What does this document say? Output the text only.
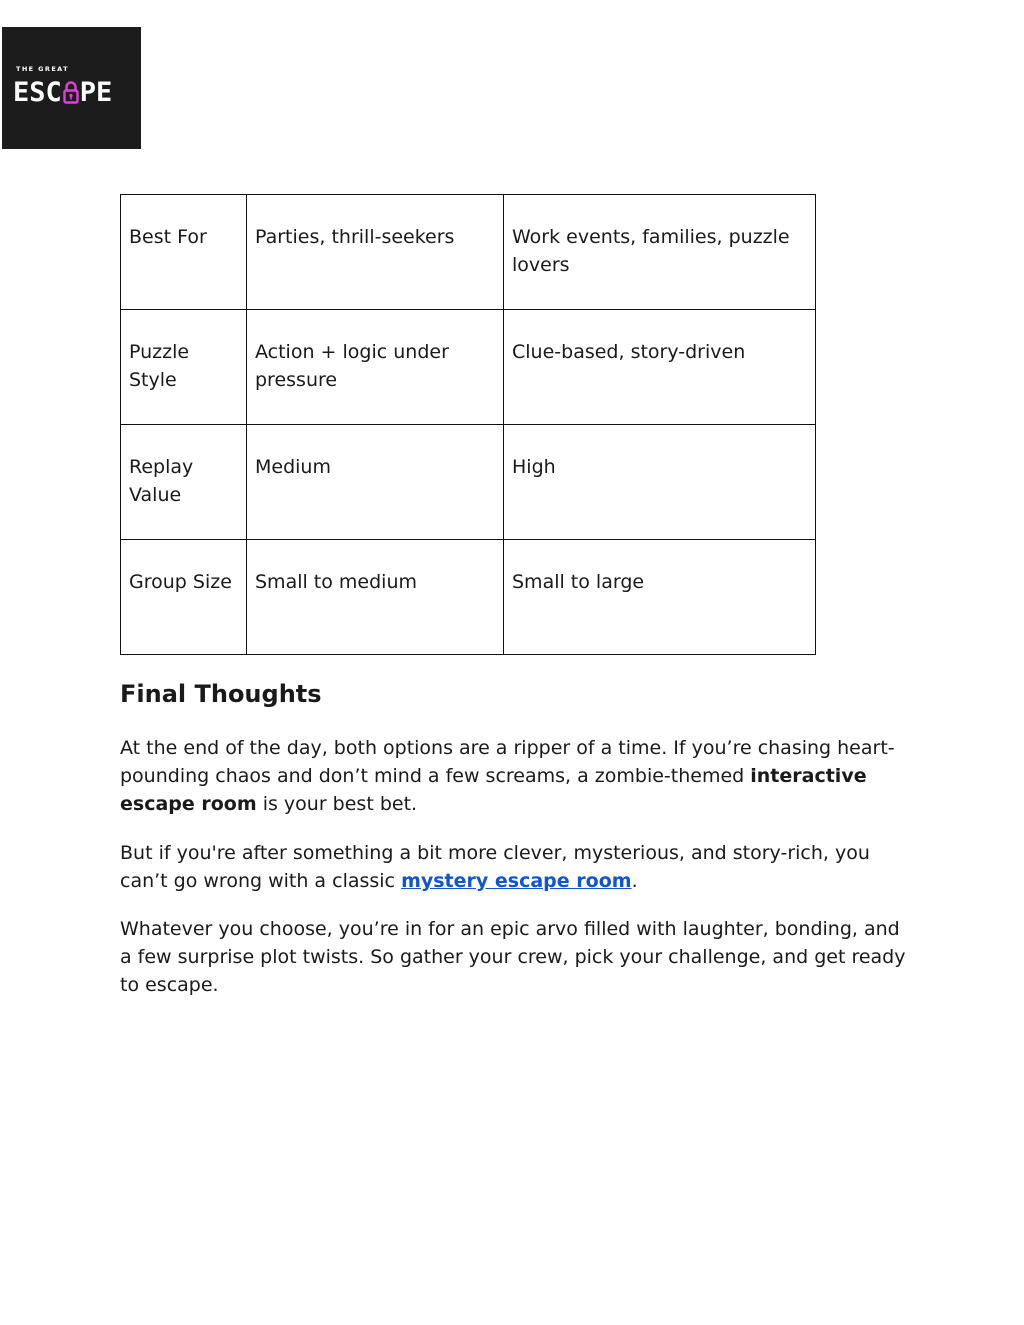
THE GREAT
ESC PE
Best For	Parties, thrill-seekers	Work events, families, puzzle lovers
Puzzle Style	Action + logic under pressure	Clue-based, story-driven
Replay Value	Medium	High
Group Size	Small to medium	Small to large
Final Thoughts

At the end of the day, both options are a ripper of a time. If you’re chasing heart-pounding chaos and don’t mind a few screams, a zombie-themed interactive escape room is your best bet.

But if you're after something a bit more clever, mysterious, and story-rich, you can’t go wrong with a classic mystery escape room.

Whatever you choose, you’re in for an epic arvo filled with laughter, bonding, and a few surprise plot twists. So gather your crew, pick your challenge, and get ready to escape.
